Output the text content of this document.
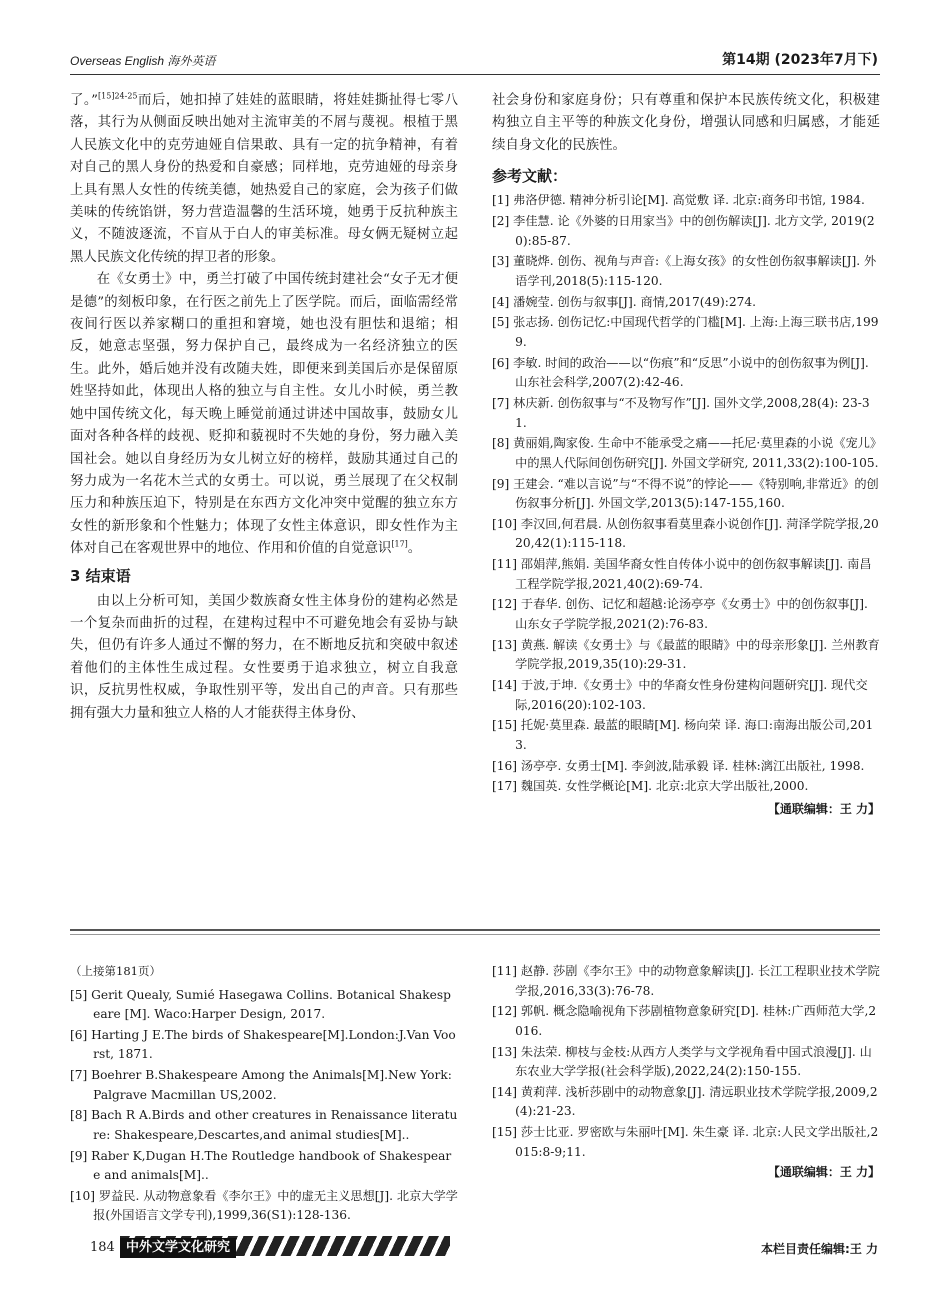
Overseas English 海外英语	第14期 (2023年7月下)

了。”$^{[15]24-25}$而后，她扣掉了娃娃的蓝眼睛，将娃娃撕扯得七零八落，其行为从侧面反映出她对主流审美的不屑与蔑视。根植于黑人民族文化中的克劳迪娅自信果敢、具有一定的抗争精神，有着对自己的黑人身份的热爱和自豪感；同样地，克劳迪娅的母亲身上具有黑人女性的传统美德，她热爱自己的家庭，会为孩子们做美味的传统馅饼，努力营造温馨的生活环境，她勇于反抗种族主义，不随波逐流，不盲从于白人的审美标准。母女俩无疑树立起黑人民族文化传统的捍卫者的形象。

在《女勇士》中，勇兰打破了中国传统封建社会“女子无才便是德”的刻板印象，在行医之前先上了医学院。而后，面临需经常夜间行医以养家糊口的重担和窘境，她也没有胆怯和退缩；相反，她意志坚强，努力保护自己，最终成为一名经济独立的医生。此外，婚后她并没有改随夫姓，即便来到美国后亦是保留原姓坚持如此，体现出人格的独立与自主性。女儿小时候，勇兰教她中国传统文化，每天晚上睡觉前通过讲述中国故事，鼓励女儿面对各种各样的歧视、贬抑和藐视时不失她的身份，努力融入美国社会。她以自身经历为女儿树立好的榜样，鼓励其通过自己的努力成为一名花木兰式的女勇士。可以说，勇兰展现了在父权制压力和种族压迫下，特别是在东西方文化冲突中觉醒的独立东方女性的新形象和个性魅力；体现了女性主体意识，即女性作为主体对自己在客观世界中的地位、作用和价值的自觉意识[17]。

3 结束语

由以上分析可知，美国少数族裔女性主体身份的建构必然是一个复杂而曲折的过程，在建构过程中不可避免地会有妥协与缺失，但仍有许多人通过不懈的努力，在不断地反抗和突破中叙述着他们的主体性生成过程。女性要勇于追求独立，树立自我意识，反抗男性权威，争取性别平等，发出自己的声音。只有那些拥有强大力量和独立人格的人才能获得主体身份、

社会身份和家庭身份；只有尊重和保护本民族传统文化，积极建构独立自主平等的种族文化身份，增强认同感和归属感，才能延续自身文化的民族性。

参考文献：
[1] 弗洛伊德. 精神分析引论[M]. 高觉敷 译. 北京:商务印书馆, 1984.
[2] 李佳慧. 论《外婆的日用家当》中的创伤解读[J]. 北方文学, 2019(20):85-87.
[3] 董晓烨. 创伤、视角与声音:《上海女孩》的女性创伤叙事解读[J]. 外语学刊,2018(5):115-120.
[4] 潘婉莹. 创伤与叙事[J]. 商情,2017(49):274.
[5] 张志扬. 创伤记忆:中国现代哲学的门槛[M]. 上海:上海三联书店,1999.
[6] 李敏. 时间的政治——以“伤痕”和“反思”小说中的创伤叙事为例[J]. 山东社会科学,2007(2):42-46.
[7] 林庆新. 创伤叙事与“不及物写作”[J]. 国外文学,2008,28(4): 23-31.
[8] 黄丽娟,陶家俊. 生命中不能承受之痛——托尼·莫里森的小说《宠儿》中的黑人代际间创伤研究[J]. 外国文学研究, 2011,33(2):100-105.
[9] 王建会. “难以言说”与“不得不说”的悖论——《特别响,非常近》的创伤叙事分析[J]. 外国文学,2013(5):147-155,160.
[10] 李汉回,何君晨. 从创伤叙事看莫里森小说创作[J]. 菏泽学院学报,2020,42(1):115-118.
[11] 邵娟萍,熊娟. 美国华裔女性自传体小说中的创伤叙事解读[J]. 南昌工程学院学报,2021,40(2):69-74.
[12] 于春华. 创伤、记忆和超越:论汤亭亭《女勇士》中的创伤叙事[J]. 山东女子学院学报,2021(2):76-83.
[13] 黄燕. 解读《女勇士》与《最蓝的眼睛》中的母亲形象[J]. 兰州教育学院学报,2019,35(10):29-31.
[14] 于波,于坤.《女勇士》中的华裔女性身份建构问题研究[J]. 现代交际,2016(20):102-103.
[15] 托妮·莫里森. 最蓝的眼睛[M]. 杨向荣 译. 海口:南海出版公司,2013.
[16] 汤亭亭. 女勇士[M]. 李剑波,陆承毅 译. 桂林:漓江出版社, 1998.
[17] 魏国英. 女性学概论[M]. 北京:北京大学出版社,2000.
【通联编辑：王 力】
（上接第181页）
[5] Gerit Quealy, Sumié Hasegawa Collins. Botanical Shakespeare [M]. Waco:Harper Design, 2017.
[6] Harting J E.The birds of Shakespeare[M].London:J.Van Voorst, 1871.
[7] Boehrer B.Shakespeare Among the Animals[M].New York:Palgrave Macmillan US,2002.
[8] Bach R A.Birds and other creatures in Renaissance literature: Shakespeare,Descartes,and animal studies[M]..
[9] Raber K,Dugan H.The Routledge handbook of Shakespeare and animals[M]..
[10] 罗益民. 从动物意象看《李尔王》中的虚无主义思想[J]. 北京大学学报(外国语言文学专刊),1999,36(S1):128-136.
[11] 赵静. 莎剧《李尔王》中的动物意象解读[J]. 长江工程职业技术学院学报,2016,33(3):76-78.
[12] 郭帆. 概念隐喻视角下莎剧植物意象研究[D]. 桂林:广西师范大学,2016.
[13] 朱法荣. 柳枝与金枝:从西方人类学与文学视角看中国式浪漫[J]. 山东农业大学学报(社会科学版),2022,24(2):150-155.
[14] 黄莉萍. 浅析莎剧中的动物意象[J]. 清远职业技术学院学报,2009,2(4):21-23.
[15] 莎士比亚. 罗密欧与朱丽叶[M]. 朱生豪 译. 北京:人民文学出版社,2015:8-9;11.
【通联编辑：王 力】
184 中外文学文化研究	本栏目责任编辑:王 力
